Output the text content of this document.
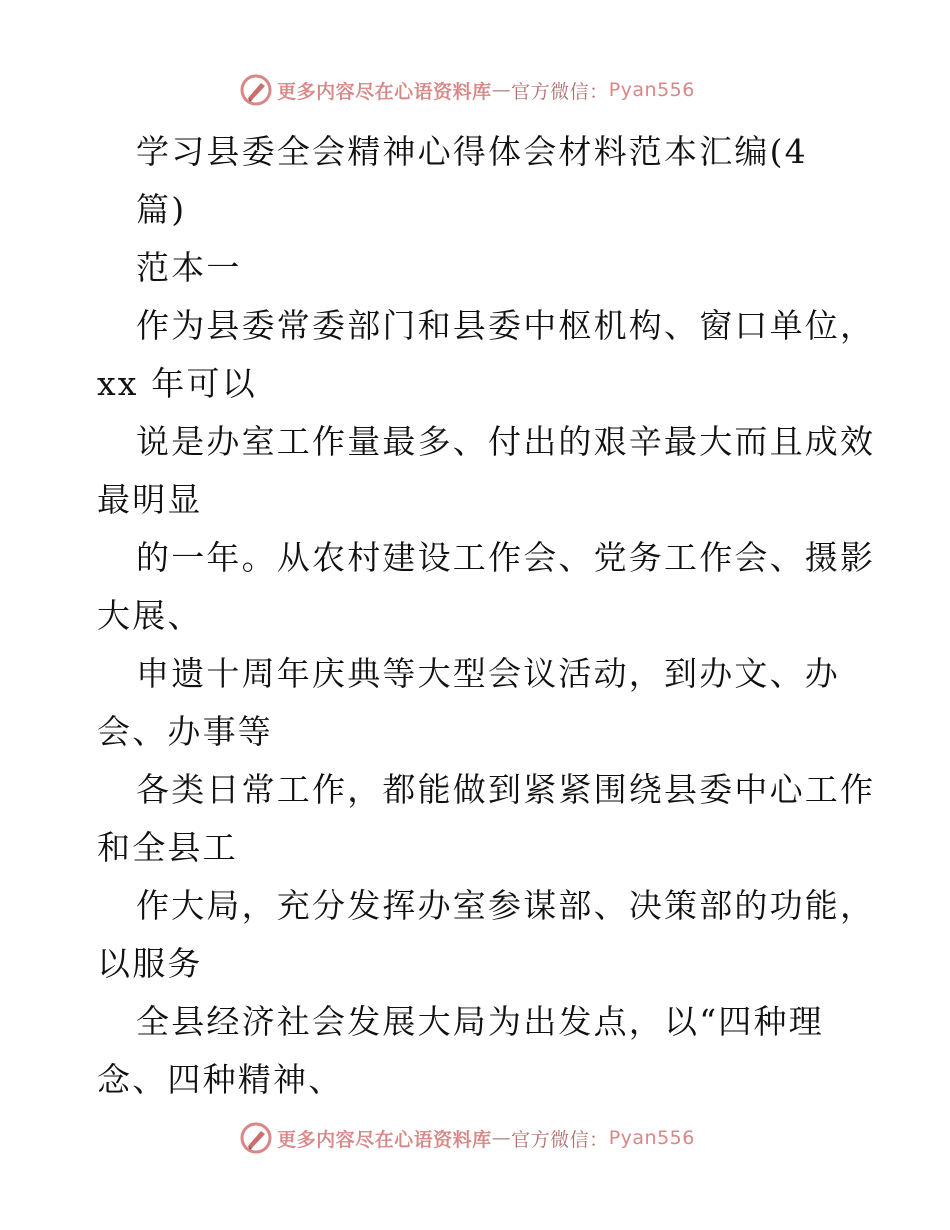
更多内容尽在心语资料库 — 官方微信： Pyan556
学习县委全会精神心得体会材料范本汇编(4
篇)
范本一
作为县委常委部门和县委中枢机构、窗口单位，
xx 年可以
说是办室工作量最多、付出的艰辛最大而且成效
最明显
的一年。从农村建设工作会、党务工作会、摄影
大展、
申遗十周年庆典等大型会议活动，到办文、办
会、办事等
各类日常工作，都能做到紧紧围绕县委中心工作
和全县工
作大局，充分发挥办室参谋部、决策部的功能，
以服务
全县经济社会发展大局为出发点，以“四种理
念、四种精神、
更多内容尽在心语资料库 — 官方微信： Pyan556
